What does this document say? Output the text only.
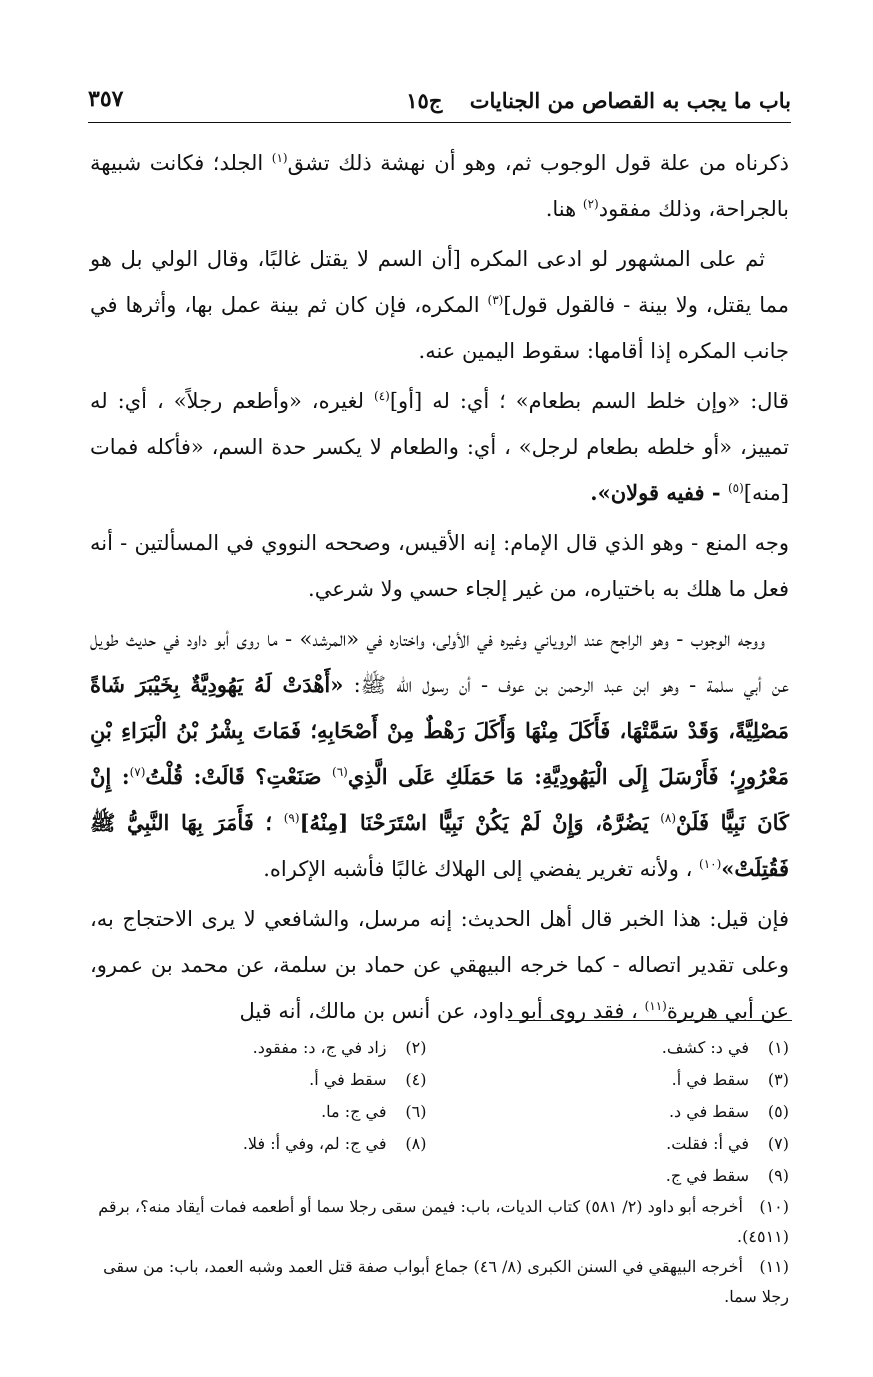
باب ما يجب به القصاص من الجنايات ج١٥
٣٥٧

ذكرناه من علة قول الوجوب ثم، وهو أن نهشة ذلك تشق$^{(١)}$ الجلد؛ فكانت شبيهة بالجراحة، وذلك مفقود$^{(٢)}$ هنا.

ثم على المشهور لو ادعى المكره [أن السم لا يقتل غالبًا، وقال الولي بل هو مما يقتل، ولا بينة - فالقول قول]$^{(٣)}$ المكره، فإن كان ثم بينة عمل بها، وأثرها في جانب المكره إذا أقامها: سقوط اليمين عنه.

قال: «وإن خلط السم بطعام» ؛ أي: له [أو]$^{(٤)}$ لغيره، «وأطعم رجلاً» ، أي: له تمييز، «أو خلطه بطعام لرجل» ، أي: والطعام لا يكسر حدة السم، «فأكله فمات [منه]$^{(٥)}$ - ففيه قولان».

وجه المنع - وهو الذي قال الإمام: إنه الأقيس، وصححه النووي في المسألتين - أنه فعل ما هلك به باختياره، من غير إلجاء حسي ولا شرعي.

ووجه الوجوب - وهو الراجح عند الروياني وغيره في الأولى، واختاره في «المرشد» - ما روى أبو داود في حديث طويل عن أبي سلمة - وهو ابن عبد الرحمن بن عوف - أن رسول الله ﷺ: «أَهْدَتْ لَهُ يَهُودِيَّةٌ بِخَيْبَرَ شَاةً مَصْلِيَّةً، وَقَدْ سَمَّتْهَا، فَأَكَلَ مِنْهَا وَأَكَلَ رَهْطٌ مِنْ أَصْحَابِهِ؛ فَمَاتَ بِشْرُ بْنُ الْبَرَاءِ بْنِ مَعْرُورٍ؛ فَأَرْسَلَ إِلَى الْيَهُودِيَّةِ: مَا حَمَلَكِ عَلَى الَّذِي$^{(٦)}$ صَنَعْتِ؟ قَالَتْ: قُلْتُ$^{(٧)}$: إِنْ كَانَ نَبِيًّا فَلَنْ$^{(٨)}$ يَضُرَّهُ، وَإِنْ لَمْ يَكُنْ نَبِيًّا اسْتَرَحْنَا [مِنْهُ]$^{(٩)}$ ؛ فَأَمَرَ بِهَا النَّبِيُّ ﷺ فَقُتِلَتْ»$^{(١٠)}$ ، ولأنه تغرير يفضي إلى الهلاك غالبًا فأشبه الإكراه.

فإن قيل: هذا الخبر قال أهل الحديث: إنه مرسل، والشافعي لا يرى الاحتجاج به، وعلى تقدير اتصاله - كما خرجه البيهقي عن حماد بن سلمة، عن محمد بن عمرو، عن أبي هريرة$^{(١١)}$ ، فقد روى أبو داود، عن أنس بن مالك، أنه قيل

(١)في د: كشف.
(٢)زاد في ج، د: مفقود.
(٣)سقط في أ.
(٤)سقط في أ.
(٥)سقط في د.
(٦)في ج: ما.
(٧)في أ: فقلت.
(٨)في ج: لم، وفي أ: فلا.
(٩)سقط في ج.
(١٠)أخرجه أبو داود (٢/ ٥٨١) كتاب الديات، باب: فيمن سقى رجلا سما أو أطعمه فمات أيقاد منه؟، برقم (٤٥١١).
(١١)أخرجه البيهقي في السنن الكبرى (٨/ ٤٦) جماع أبواب صفة قتل العمد وشبه العمد، باب: من سقى رجلا سما.
